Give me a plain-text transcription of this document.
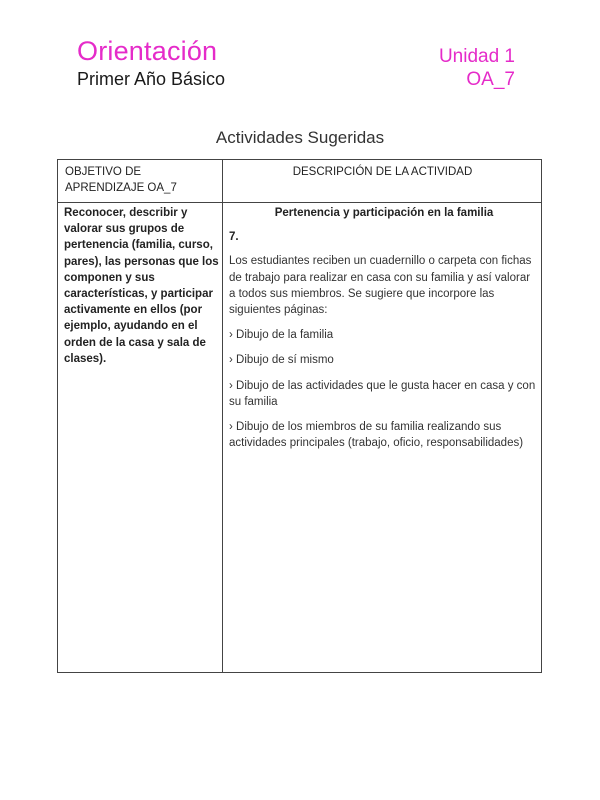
Orientación
Primer Año Básico
Unidad 1
OA_7
Actividades Sugeridas
OBJETIVO DE APRENDIZAJE OA_7
DESCRIPCIÓN DE LA ACTIVIDAD
Reconocer, describir y valorar sus grupos de pertenencia (familia, curso, pares), las personas que los componen y sus características, y participar activamente en ellos (por ejemplo, ayudando en el orden de la casa y sala de clases).
Pertenencia y participación en la familia
7.

Los estudiantes reciben un cuadernillo o carpeta con fichas de trabajo para realizar en casa con su familia y así valorar a todos sus miembros. Se sugiere que incorpore las siguientes páginas:

› Dibujo de la familia

› Dibujo de sí mismo

› Dibujo de las actividades que le gusta hacer en casa y con su familia

› Dibujo de los miembros de su familia realizando sus actividades principales (trabajo, oficio, responsabilidades)
